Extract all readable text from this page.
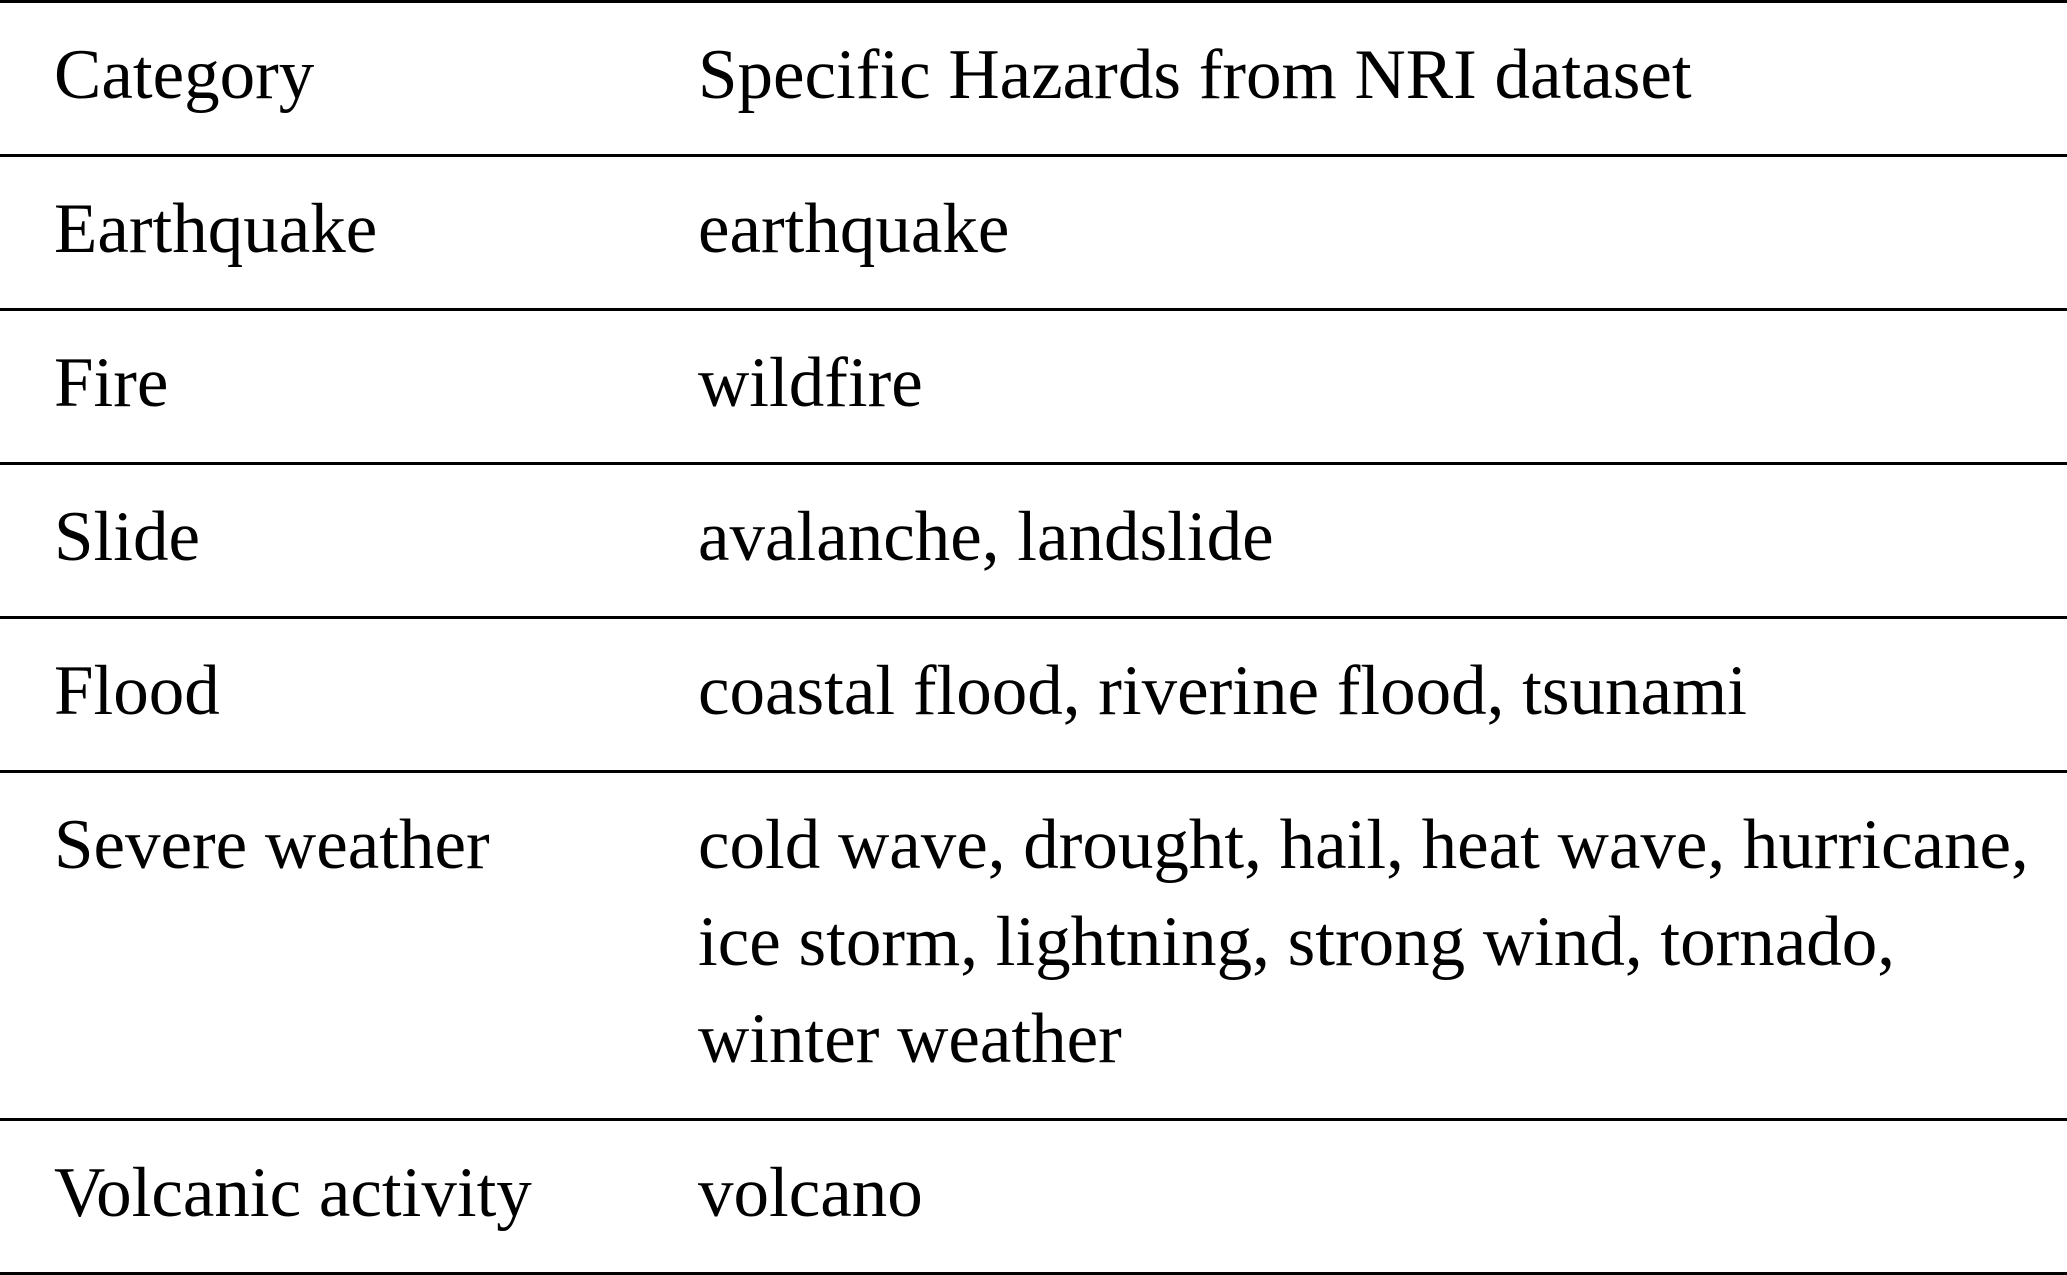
Category	Specific Hazards from NRI dataset

Earthquake	earthquake

Fire	wildfire

Slide	avalanche, landslide

Flood	coastal flood, riverine flood, tsunami

Severe weather	cold wave, drought, hail, heat wave, hurricane, ice storm, lightning, strong wind, tornado, winter weather

Volcanic activity	volcano
